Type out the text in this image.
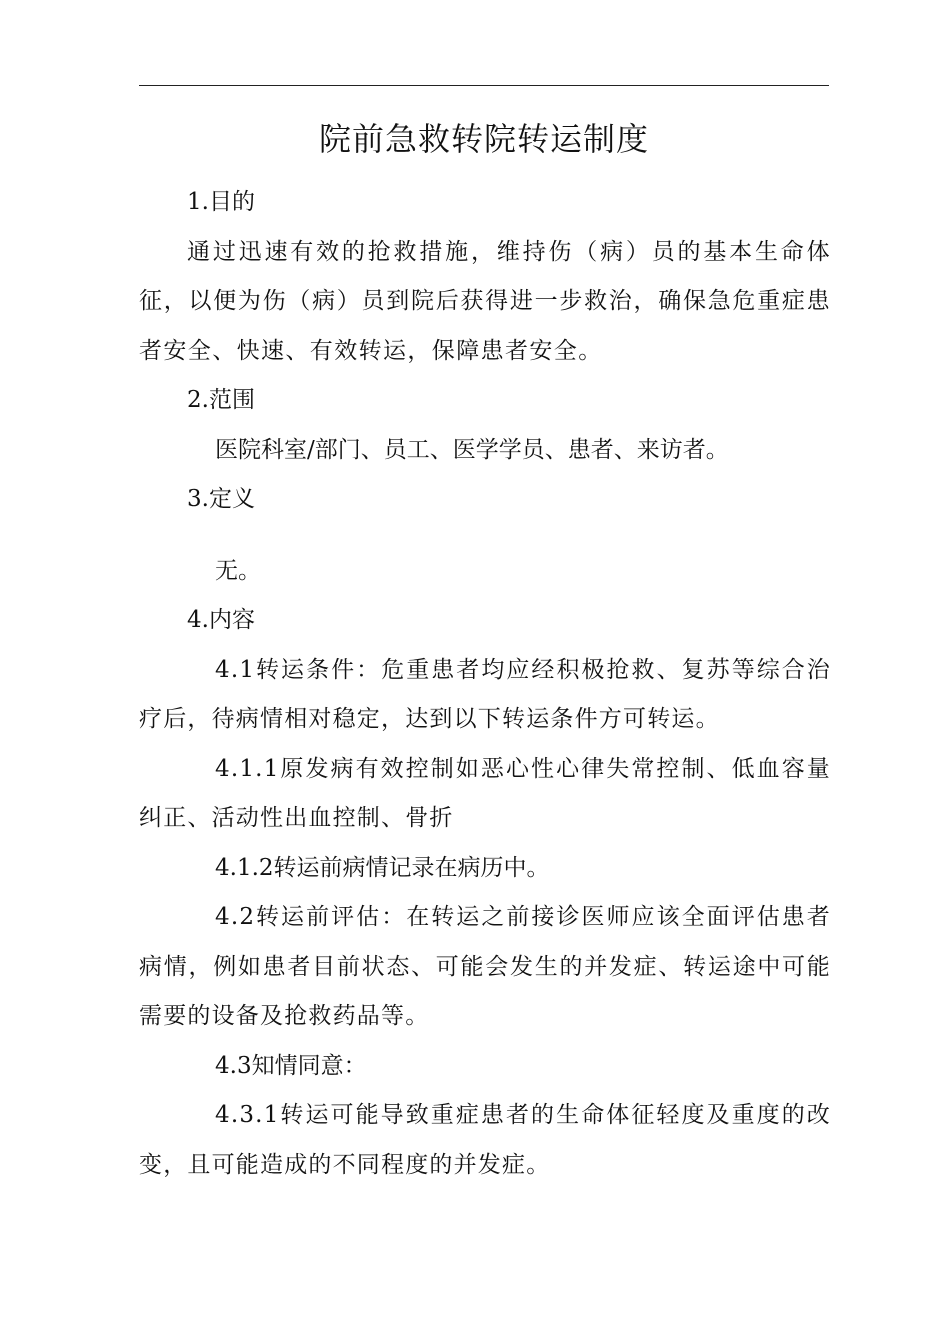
院前急救转院转运制度

1.目的

通过迅速有效的抢救措施，维持伤（病）员的基本生命体征，以便为伤（病）员到院后获得进一步救治，确保急危重症患者安全、快速、有效转运，保障患者安全。

2.范围

医院科室/部门、员工、医学学员、患者、来访者。

3.定义

无。

4.内容

4.1转运条件：危重患者均应经积极抢救、复苏等综合治疗后，待病情相对稳定，达到以下转运条件方可转运。

4.1.1原发病有效控制如恶心性心律失常控制、低血容量纠正、活动性出血控制、骨折

4.1.2转运前病情记录在病历中。

4.2转运前评估：在转运之前接诊医师应该全面评估患者病情，例如患者目前状态、可能会发生的并发症、转运途中可能需要的设备及抢救药品等。

4.3知情同意：

4.3.1转运可能导致重症患者的生命体征轻度及重度的改变，且可能造成的不同程度的并发症。
